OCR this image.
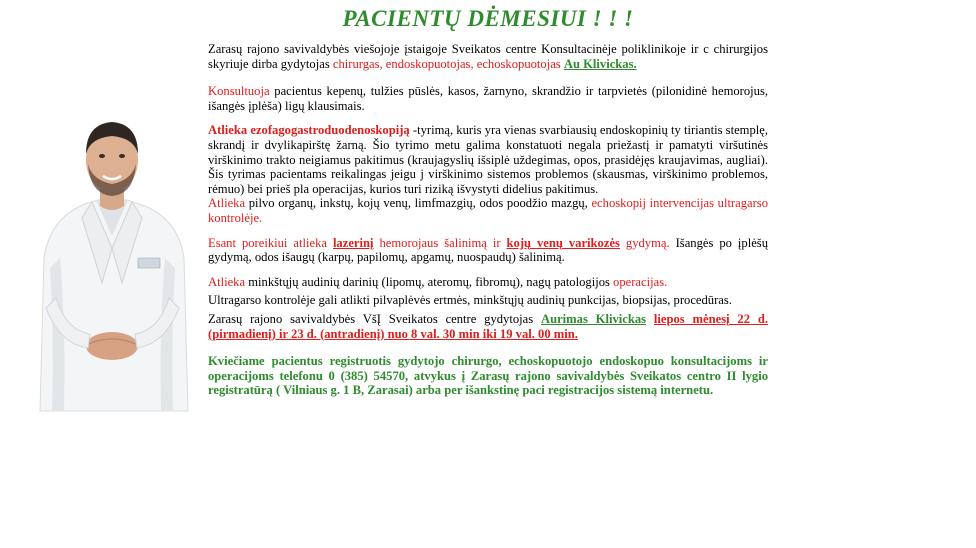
PACIENTŲ DĖMESIUI ! ! !

Zarasų rajono savivaldybės viešojoje įstaigoje Sveikatos centre Konsultacinėje poliklinikoje ir c chirurgijos skyriuje dirba gydytojas chirurgas, endoskopuotojas, echoskopuotojas Au Klivickas.

Konsultuoja pacientus kepenų, tulžies pūslės, kasos, žarnyno, skrandžio ir tarpvietės (pilonidinė hemorojus, išangės įplėša) ligų klausimais.

Atlieka ezofagogastroduodenoskopiją -tyrimą, kuris yra vienas svarbiausių endoskopinių ty tiriantis stemplę, skrandį ir dvylikapirštę žarną. Šio tyrimo metu galima konstatuoti negala priežastį ir pamatyti viršutinės virškinimo trakto neigiamus pakitimus (kraujagyslių išsiplė uždegimas, opos, prasidėjęs kraujavimas, augliai). Šis tyrimas pacientams reikalingas jeigu j virškinimo sistemos problemos (skausmas, virškinimo problemos, rėmuo) bei prieš pla operacijas, kurios turi riziką išvystyti didelius pakitimus.

Atlieka pilvo organų, inkstų, kojų venų, limfmazgių, odos poodžio mazgų, echoskopij intervencijas ultragarso kontrolėje.

Esant poreikiui atlieka lazerinį hemorojaus šalinimą ir kojų venų varikozės gydymą. Išangės po įplėšų gydymą, odos išaugų (karpų, papilomų, apgamų, nuospaudų) šalinimą.

Atlieka minkštųjų audinių darinių (lipomų, ateromų, fibromų), nagų patologijos operacijas.

Ultragarso kontrolėje gali atlikti pilvaplėvės ertmės, minkštųjų audinių punkcijas, biopsijas, procedūras.

Zarasų rajono savivaldybės VšĮ Sveikatos centre gydytojas Aurimas Klivickas liepos mėnesį 22 d. (pirmadienį) ir 23 d. (antradienį) nuo 8 val. 30 min iki 19 val. 00 min.

Kviečiame pacientus registruotis gydytojo chirurgo, echoskopuotojo endoskopuo konsultacijoms ir operacijoms telefonu 0 (385) 54570, atvykus į Zarasų rajono savivaldybės Sveikatos centro II lygio registratūrą ( Vilniaus g. 1 B, Zarasai) arba per išankstinę paci registracijos sistemą internetu.
